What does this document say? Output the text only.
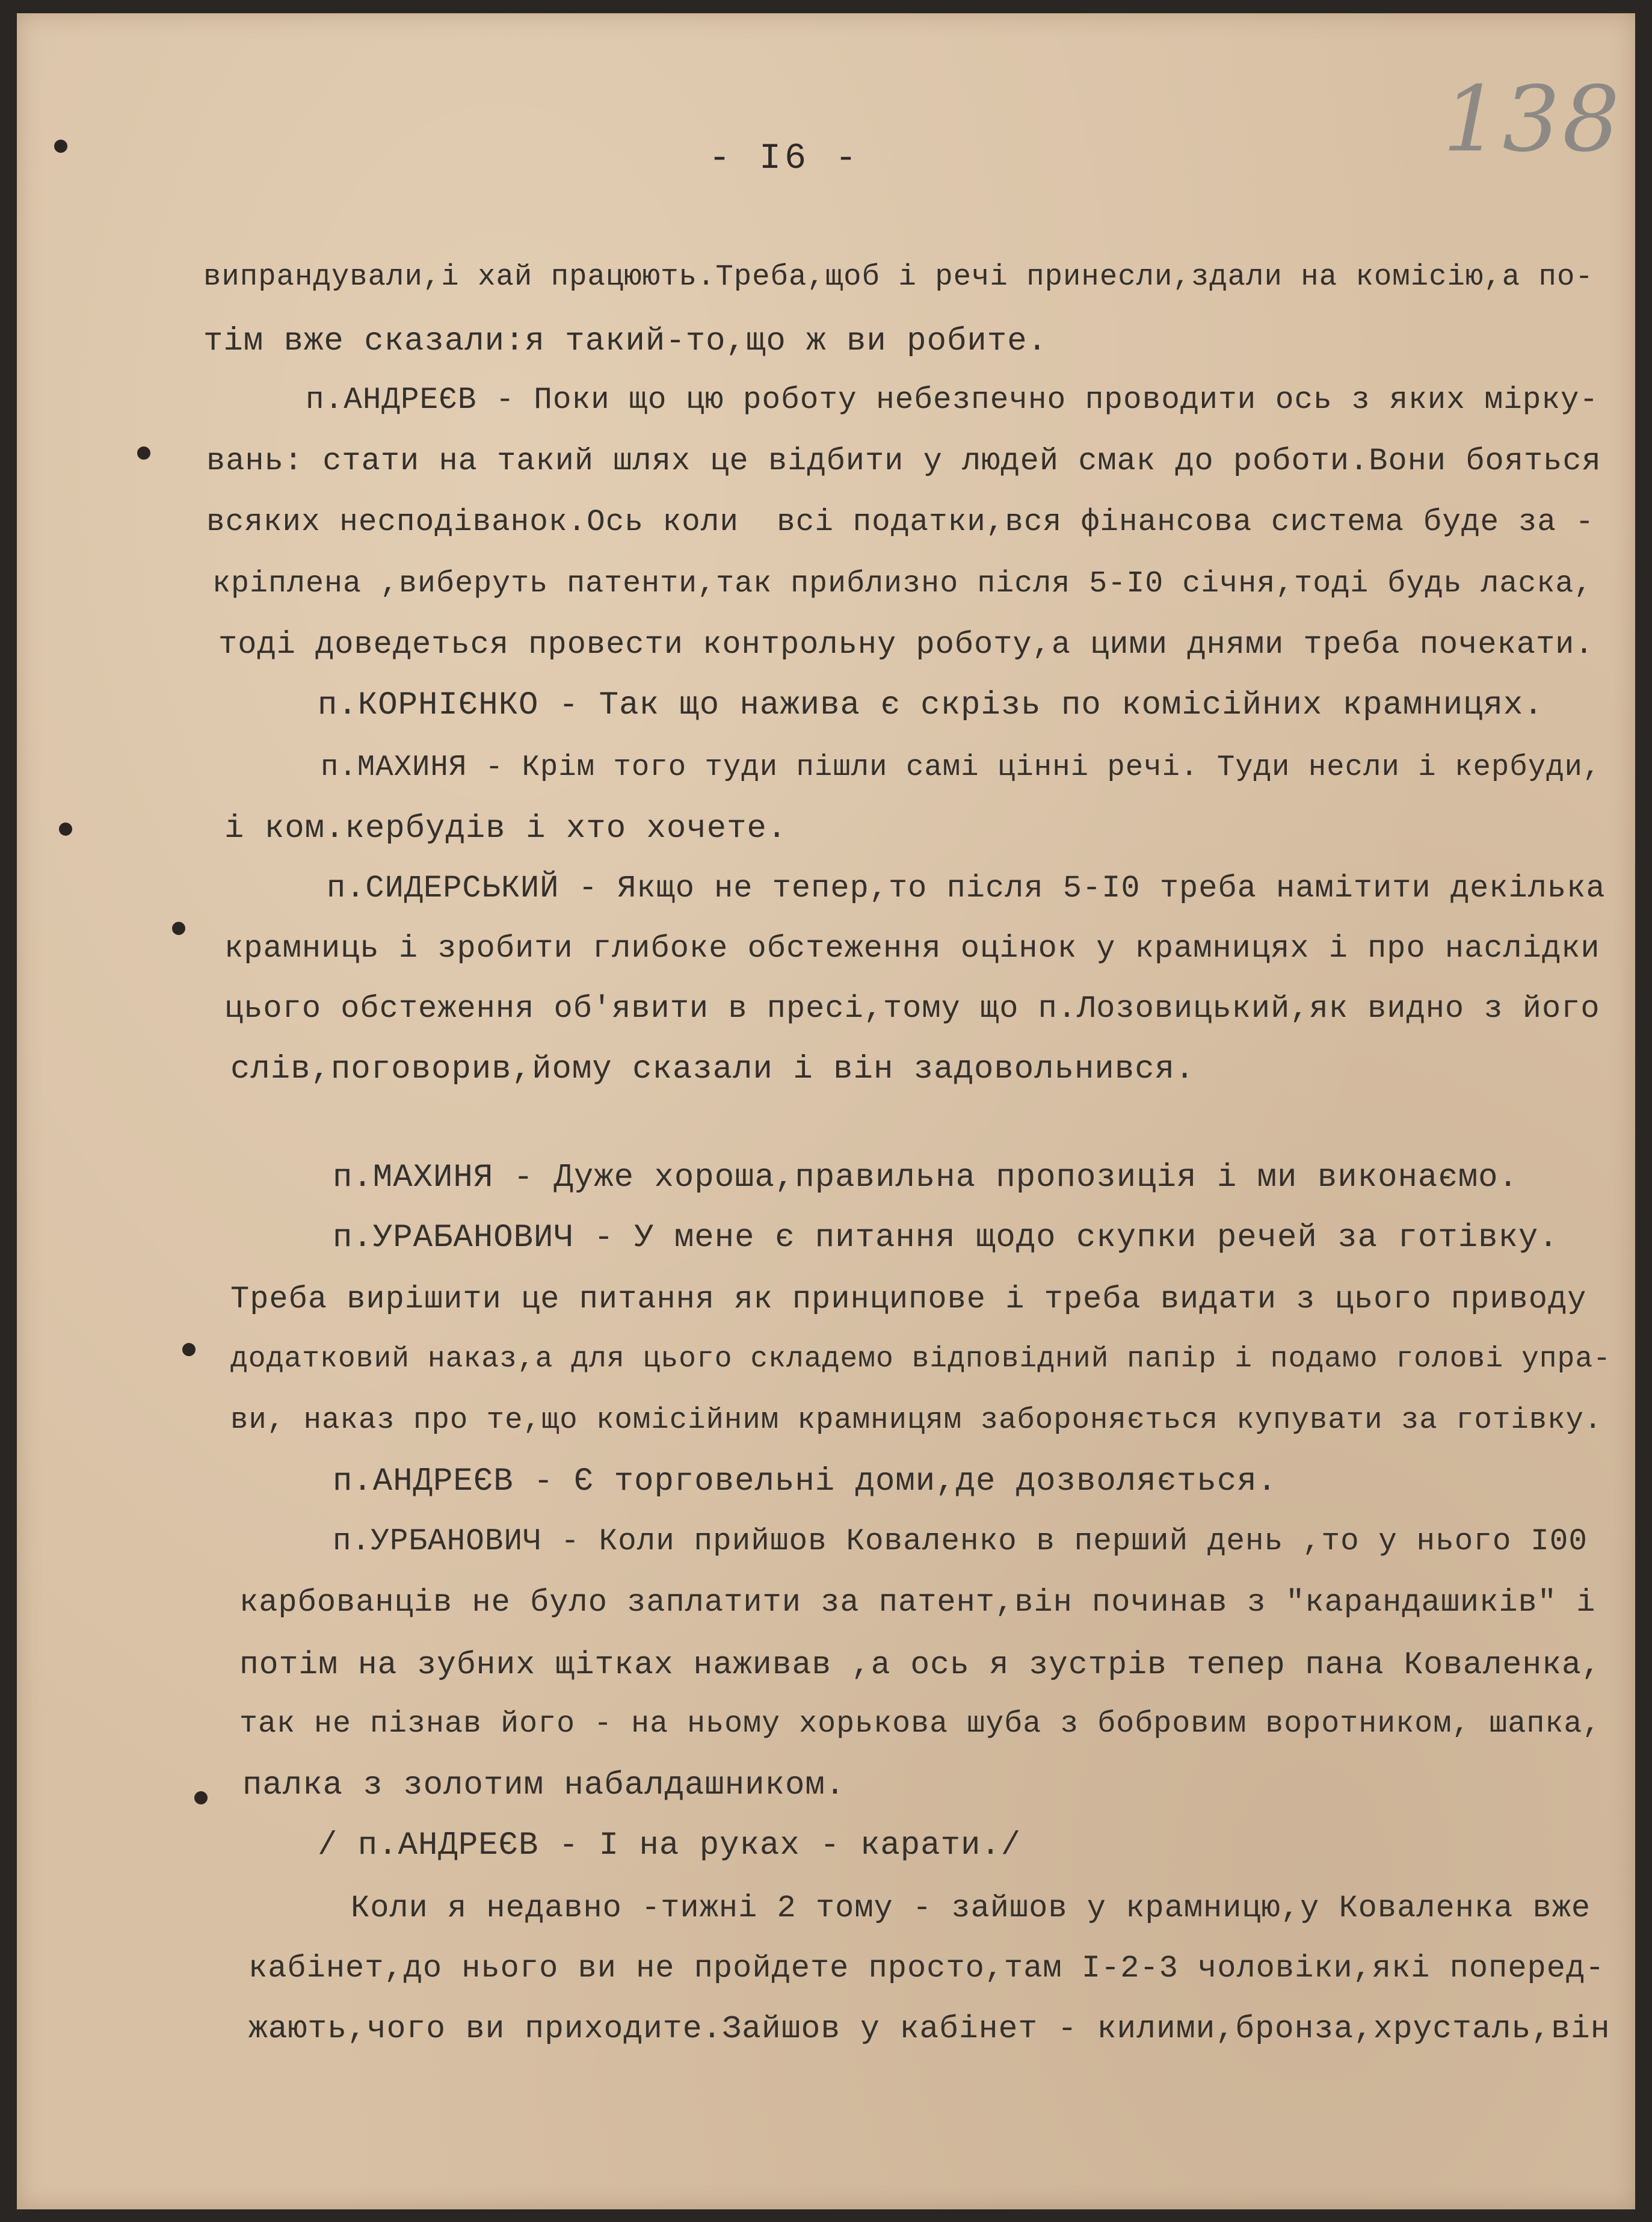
138
- I6 -
випрандували,і хай працюють.Треба,щоб і речі принесли,здали на комісію,а по-
тім вже сказали:я такий-то,що ж ви робите.
п.АНДРЕЄВ - Поки що цю роботу небезпечно проводити ось з яких мірку-
вань: стати на такий шлях це відбити у людей смак до роботи.Вони бояться
всяких несподіванок.Ось коли  всі податки,вся фінансова система буде за -
кріплена ,виберуть патенти,так приблизно після 5-I0 січня,тоді будь ласка,
тоді доведеться провести контрольну роботу,а цими днями треба почекати.
п.КОРНІЄНКО - Так що нажива є скрізь по комісійних крамницях.
п.МАХИНЯ - Крім того туди пішли самі цінні речі. Туди несли і кербуди,
і ком.кербудів і хто хочете.
п.СИДЕРСЬКИЙ - Якщо не тепер,то після 5-I0 треба намітити декілька
крамниць і зробити глибоке обстеження оцінок у крамницях і про наслідки
цього обстеження об'явити в пресі,тому що п.Лозовицький,як видно з його
слів,поговорив,йому сказали і він задовольнився.
п.МАХИНЯ - Дуже хороша,правильна пропозиція і ми виконаємо.
п.УРАБАНОВИЧ - У мене є питання щодо скупки речей за готівку.
Треба вирішити це питання як принципове і треба видати з цього приводу
додатковий наказ,а для цього складемо відповідний папір і подамо голові упра-
ви, наказ про те,що комісійним крамницям забороняється купувати за готівку.
п.АНДРЕЄВ - Є торговельні доми,де дозволяється.
п.УРБАНОВИЧ - Коли прийшов Коваленко в перший день ,то у нього I00
карбованців не було заплатити за патент,він починав з "карандашиків" і
потім на зубних щітках наживав ,а ось я зустрів тепер пана Коваленка,
так не пізнав його - на ньому хорькова шуба з бобровим воротником, шапка,
палка з золотим набалдашником.
/ п.АНДРЕЄВ - І на руках - карати./
Коли я недавно -тижні 2 тому - зайшов у крамницю,у Коваленка вже
кабінет,до нього ви не пройдете просто,там I-2-3 чоловіки,які поперед-
жають,чого ви приходите.Зайшов у кабінет - килими,бронза,хрусталь,він
